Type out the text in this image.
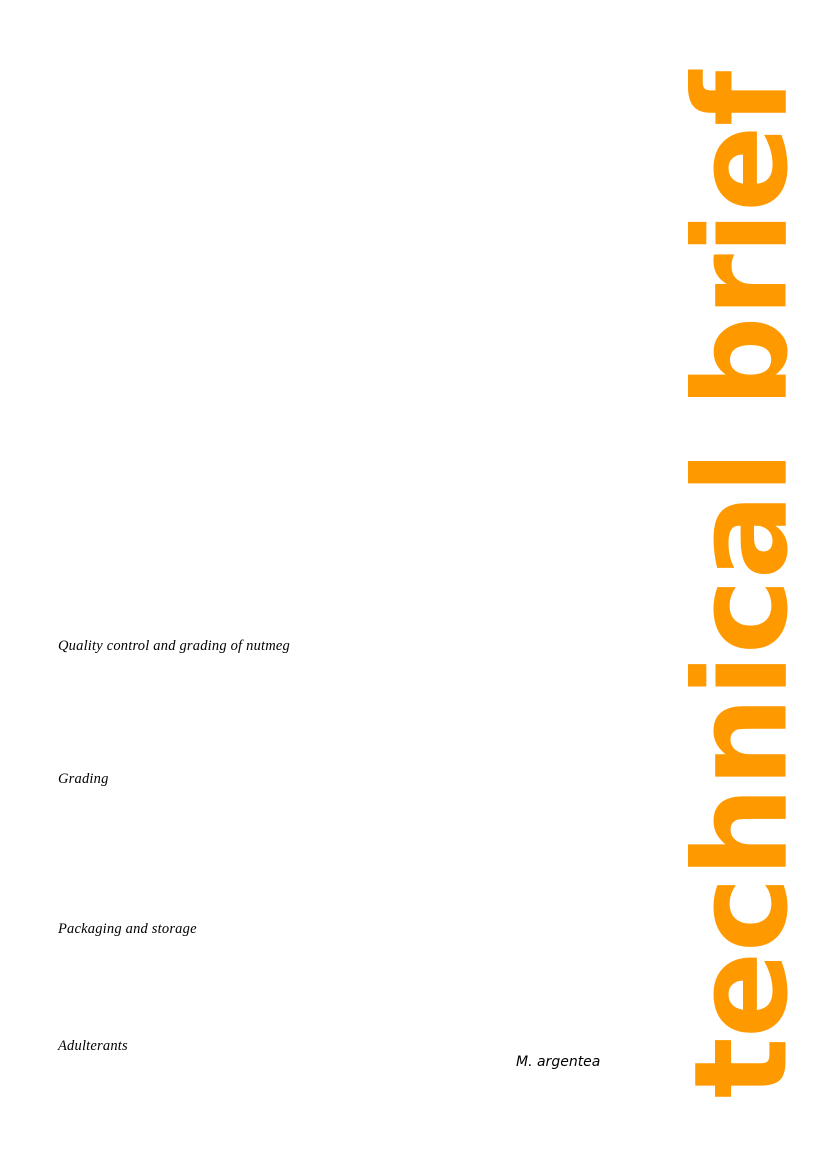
Quality control and grading of nutmeg
Grading
Packaging and storage
Adulterants
M. argentea technical brief
